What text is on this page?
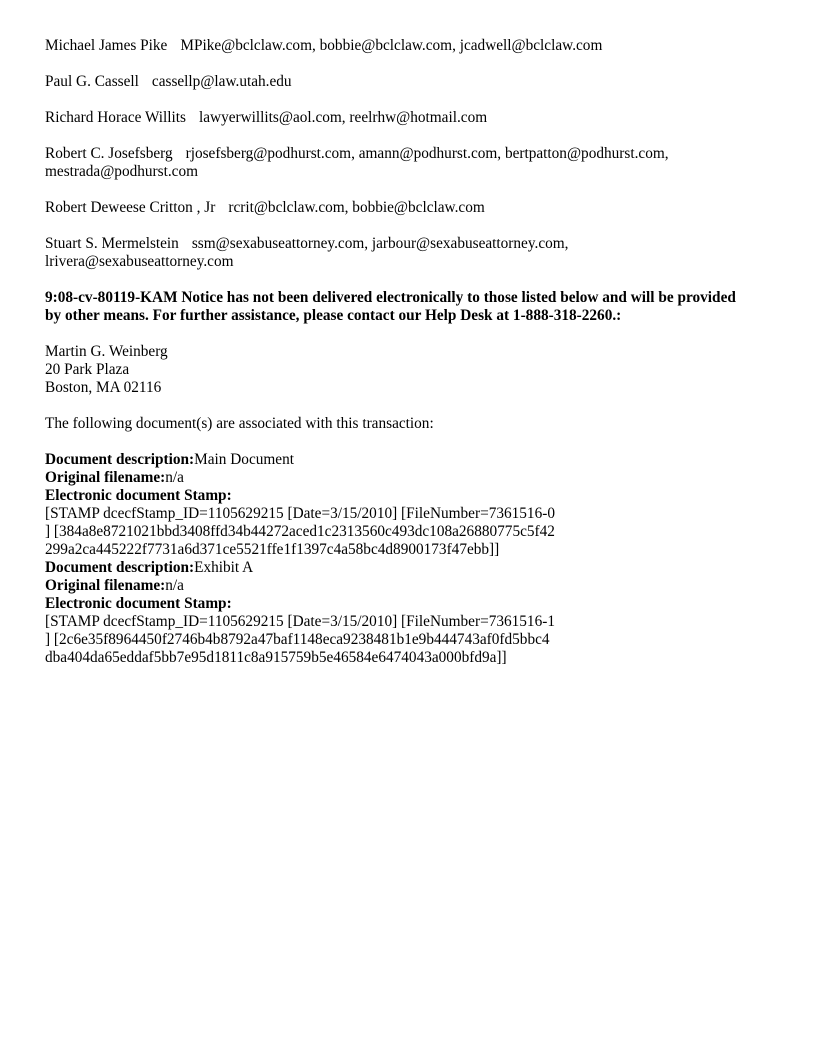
Michael James Pike MPike@bclclaw.com, bobbie@bclclaw.com, jcadwell@bclclaw.com
Paul G. Cassell cassellp@law.utah.edu
Richard Horace Willits lawyerwillits@aol.com, reelrhw@hotmail.com
Robert C. Josefsberg rjosefsberg@podhurst.com, amann@podhurst.com, bertpatton@podhurst.com,
mestrada@podhurst.com
Robert Deweese Critton , Jr rcrit@bclclaw.com, bobbie@bclclaw.com
Stuart S. Mermelstein ssm@sexabuseattorney.com, jarbour@sexabuseattorney.com,
lrivera@sexabuseattorney.com
9:08-cv-80119-KAM Notice has not been delivered electronically to those listed below and will be provided
by other means. For further assistance, please contact our Help Desk at 1-888-318-2260.:
Martin G. Weinberg
20 Park Plaza
Boston, MA 02116
The following document(s) are associated with this transaction:
Document description:Main Document
Original filename:n/a
Electronic document Stamp:
[STAMP dcecfStamp_ID=1105629215 [Date=3/15/2010] [FileNumber=7361516-0
] [384a8e8721021bbd3408ffd34b44272aced1c2313560c493dc108a26880775c5f42
299a2ca445222f7731a6d371ce5521ffe1f1397c4a58bc4d8900173f47ebb]]
Document description:Exhibit A
Original filename:n/a
Electronic document Stamp:
[STAMP dcecfStamp_ID=1105629215 [Date=3/15/2010] [FileNumber=7361516-1
] [2c6e35f8964450f2746b4b8792a47baf1148eca9238481b1e9b444743af0fd5bbc4
dba404da65eddaf5bb7e95d1811c8a915759b5e46584e6474043a000bfd9a]]
